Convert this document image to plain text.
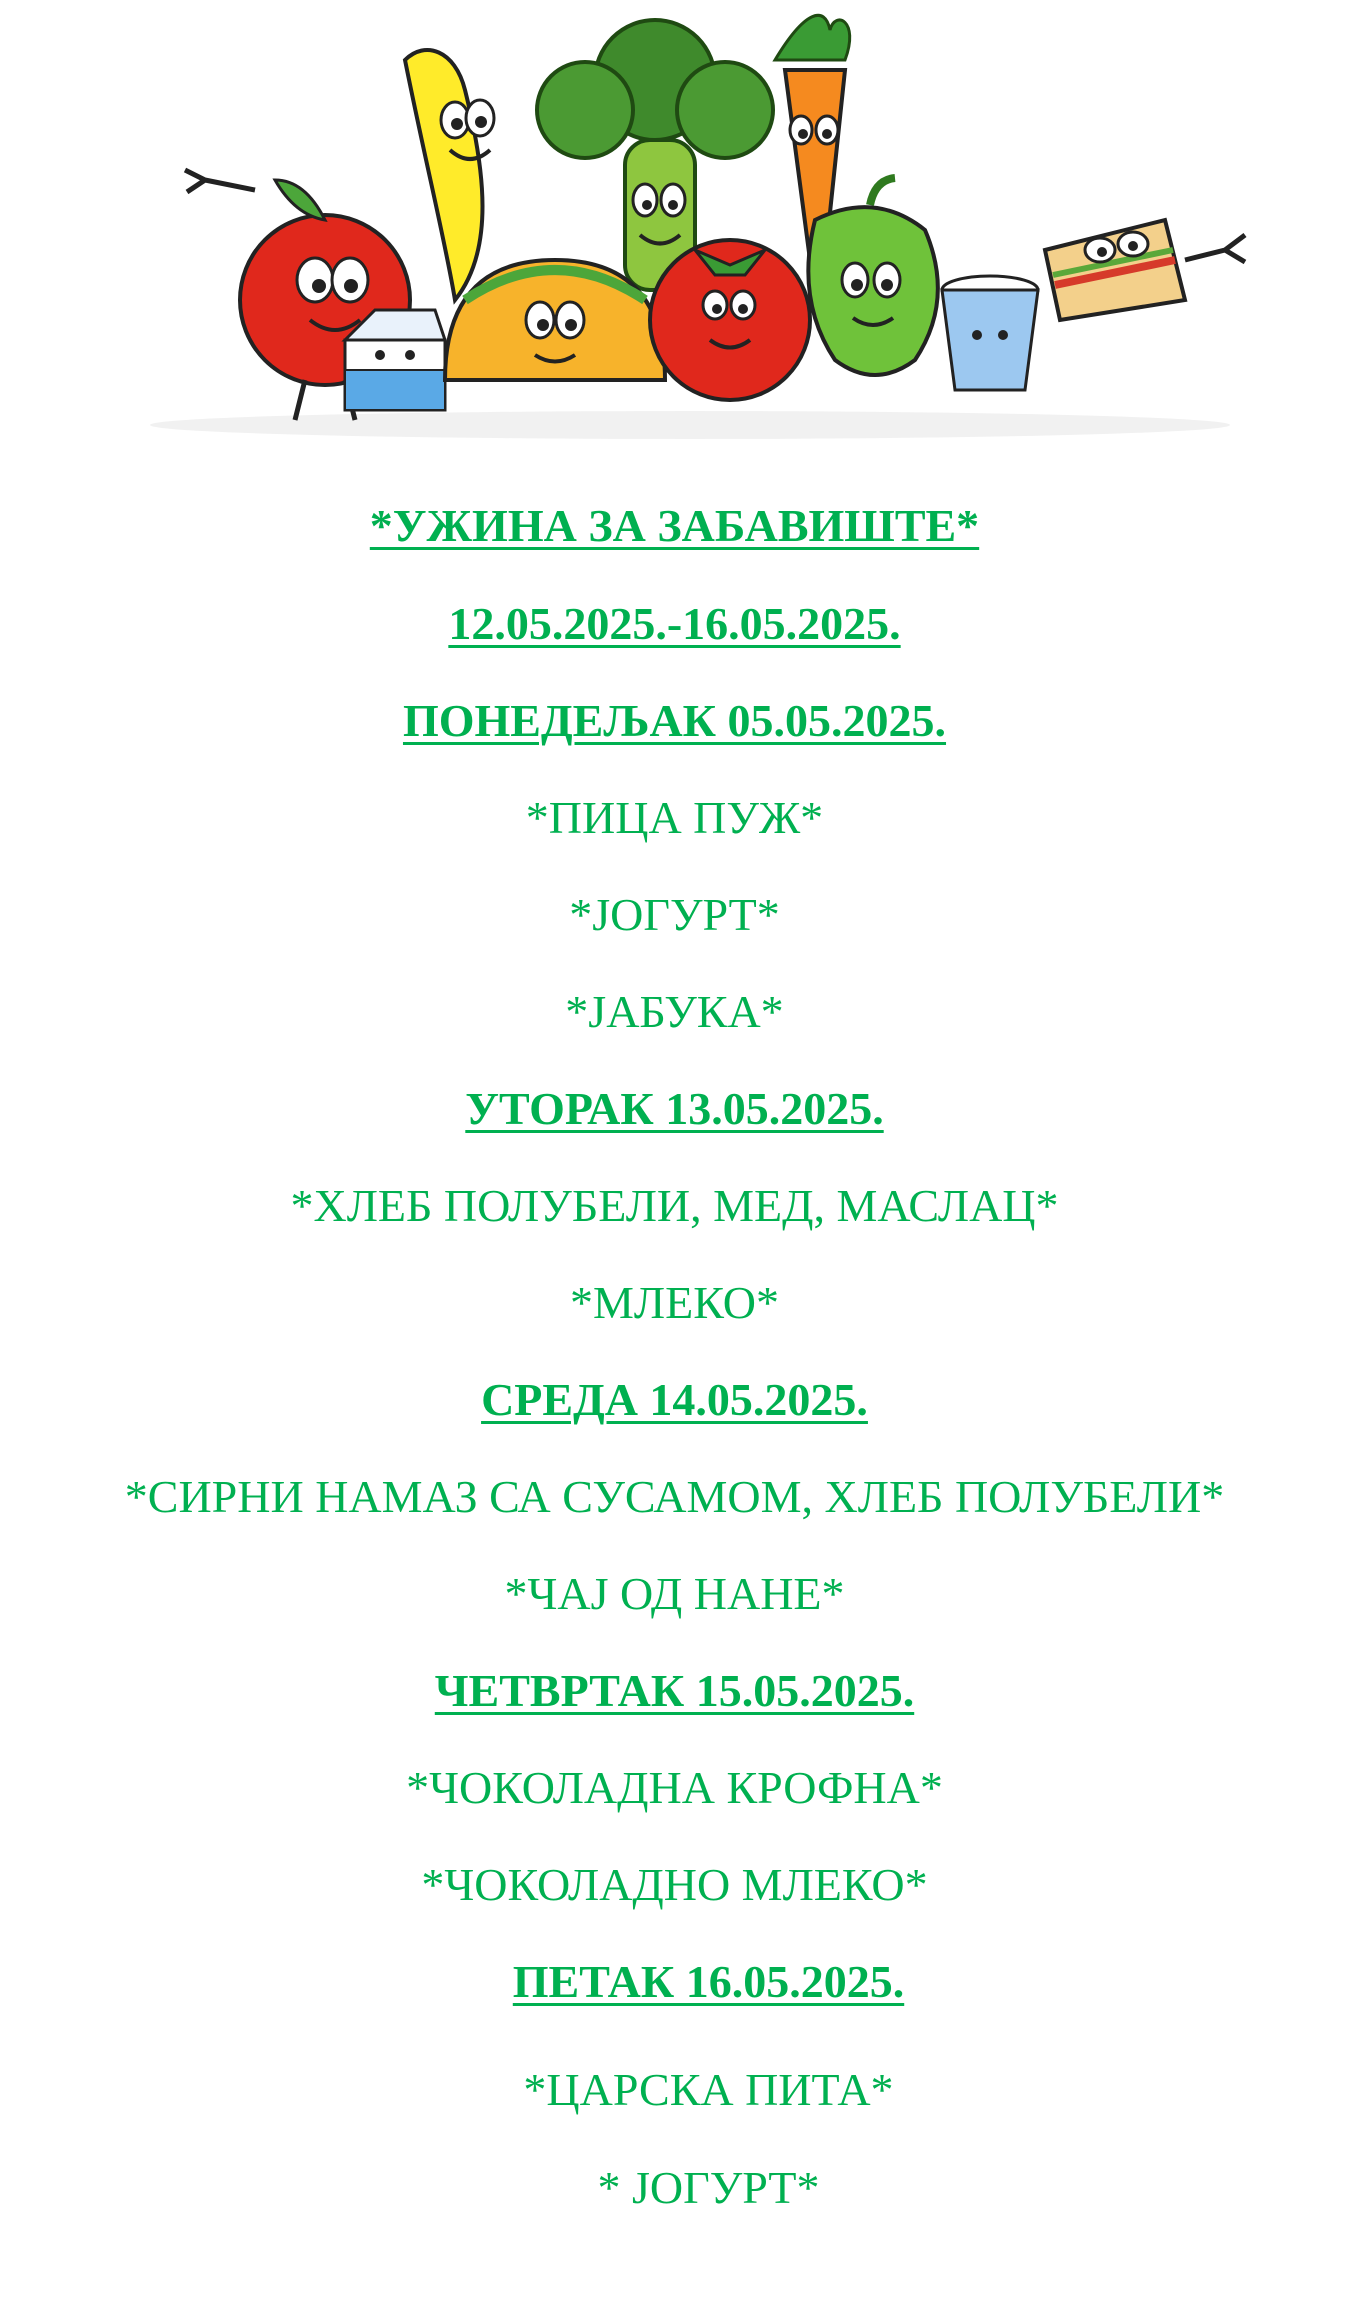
*УЖИНА ЗА ЗАБАВИШТЕ*
12.05.2025.-16.05.2025.
ПОНЕДЕЉАК 05.05.2025.
*ПИЦА ПУЖ*
*ЈОГУРТ*
*ЈАБУКА*
УТОРАК 13.05.2025.
*ХЛЕБ ПОЛУБЕЛИ, МЕД, МАСЛАЦ*
*МЛЕКО*
СРЕДА 14.05.2025.
*СИРНИ НАМАЗ СА СУСАМОМ, ХЛЕБ ПОЛУБЕЛИ*
*ЧАЈ ОД НАНЕ*
ЧЕТВРТАК 15.05.2025.
*ЧОКОЛАДНА КРОФНА*
*ЧОКОЛАДНО МЛЕКО*
ПЕТАК 16.05.2025.
*ЦАРСКА ПИТА*
* ЈОГУРТ*
